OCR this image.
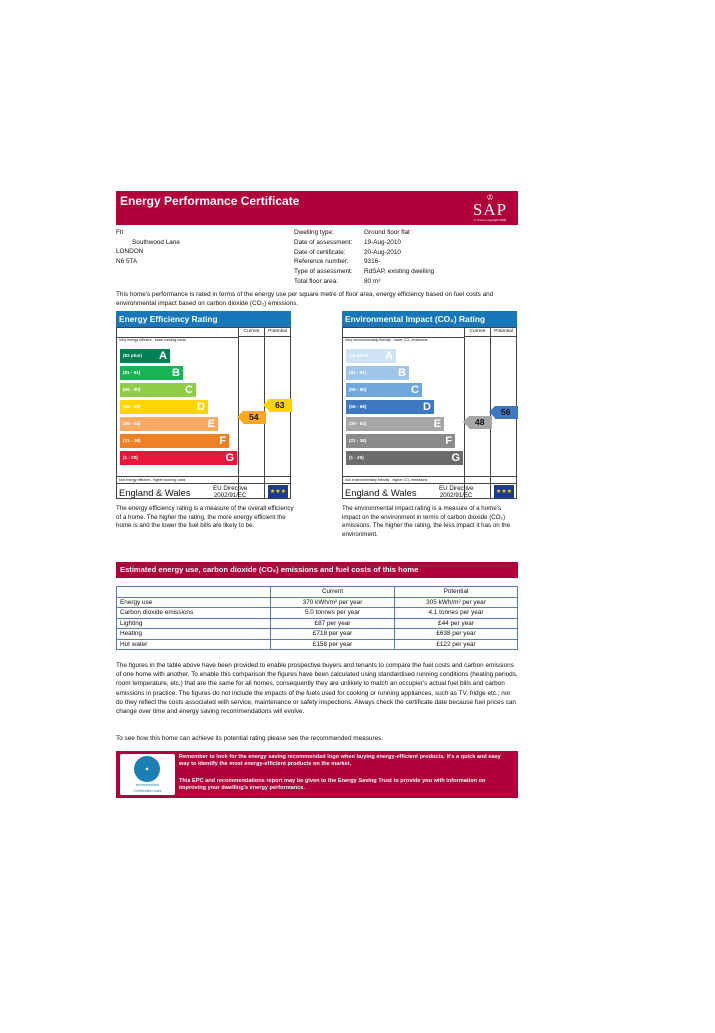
Energy Performance Certificate	♔
SAP
© Crown copyright 2008
Flt
Southwood Lane
LONDON
N6 5TA
Dwelling type:	Ground floor flat
Date of assessment:	19-Aug-2010
Date of certificate:	20-Aug-2010
Reference number:	9316-
Type of assessment:	RdSAP, existing dwelling
Total floor area:	80 m²
This home's performance is rated in terms of the energy use per square metre of floor area, energy efficiency based on fuel costs and environmental impact based on carbon dioxide (CO₂) emissions.
Energy Efficiency Rating
Very energy efficient - lower running costs
Not energy efficient - higher running costs
Current	Potential
(92 plus) A
(81 - 91)	B
(69 - 80)	C
(55 - 68)	D
(39 - 54)	E
(21 - 38)	F
(1 - 20)	G
54
63
England & Wales	EU Directive
2002/91/EC	★★★
Environmental Impact (CO₂) Rating
Very environmentally friendly - lower CO₂ emissions
Not environmentally friendly - higher CO₂ emissions
Current	Potential
(92 plus) A
(81 - 91)	B
(69 - 80)	C
(55 - 68)	D
(39 - 54)	E
(21 - 38)	F
(1 - 20)	G
48
56
England & Wales	EU Directive
2002/91/EC	★★★
The energy efficiency rating is a measure of the overall efficiency of a home. The higher the rating, the more energy efficient the home is and the lower the fuel bills are likely to be.
The environmental impact rating is a measure of a home's impact on the environment in terms of carbon dioxide (CO₂) emissions. The higher the rating, the less impact it has on the environment.
Estimated energy use, carbon dioxide (CO₂) emissions and fuel costs of this home
	Current	Potential
Energy use	370 kWh/m² per year	305 kWh/m² per year
Carbon dioxide emissions	5.0 tonnes per year	4.1 tonnes per year
Lighting	£87 per year	£44 per year
Heating	£718 per year	£638 per year
Hot water	£158 per year	£122 per year
The figures in the table above have been provided to enable prospective buyers and tenants to compare the fuel costs and carbon emissions of one home with another. To enable this comparison the figures have been calculated using standardised running conditions (heating periods, room temperature, etc.) that are the same for all homes, consequently they are unlikely to match an occupier's actual fuel bills and carbon emissions in practice. The figures do not include the impacts of the fuels used for cooking or running appliances, such as TV, fridge etc.; nor do they reflect the costs associated with service, maintenance or safety inspections. Always check the certificate date because fuel prices can change over time and energy saving recommendations will evolve.
To see how this home can achieve its potential rating please see the recommended measures.
◆
recommended
Certification mark
Remember to look for the energy saving recommended logo when buying energy-efficient products. It's a quick and easy way to identify the most energy-efficient products on the market.
This EPC and recommendations report may be given to the Energy Saving Trust to provide you with information on improving your dwelling's energy performance.
